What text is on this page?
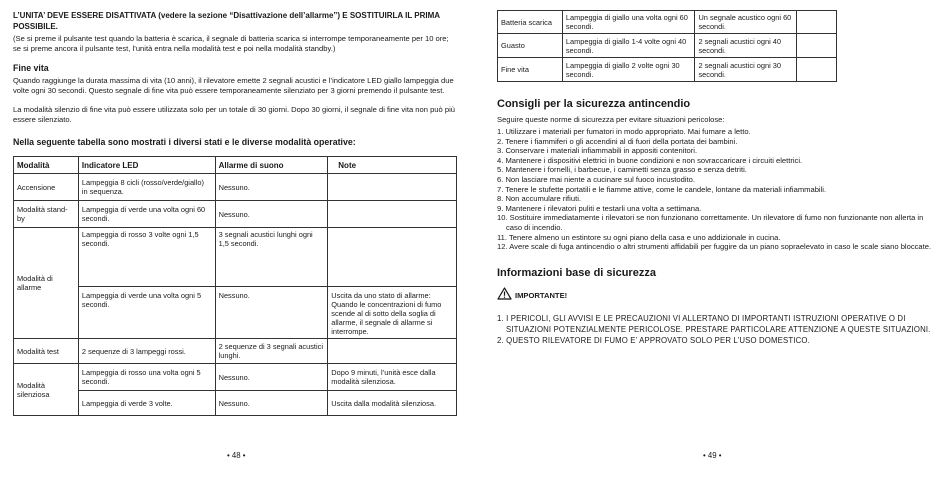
L’UNITA’ DEVE ESSERE DISATTIVATA (vedere la sezione “Disattivazione dell’allarme”) E SOSTITUIRLA IL PRIMA POSSIBILE.

(Se si preme il pulsante test quando la batteria è scarica, il segnale di batteria scarica si interrompe temporaneamente per 10 ore; se si preme ancora il pulsante test, l’unità entra nella modalità test e poi nella modalità standby.)

Fine vita

Quando raggiunge la durata massima di vita (10 anni), il rilevatore emette 2 segnali acustici e l’indicatore LED giallo lampeggia due volte ogni 30 secondi. Questo segnale di fine vita può essere temporaneamente silenziato per 3 giorni premendo il pulsante test.

La modalità silenzio di fine vita può essere utilizzata solo per un totale di 30 giorni. Dopo 30 giorni, il segnale di fine vita non può più essere silenziato.

Nella seguente tabella sono mostrati i diversi stati e le diverse modalità operative:

Modalità	Indicatore LED	Allarme di suono	Note
Accensione	Lampeggia 8 cicli (rosso/verde/giallo) in sequenza.	Nessuno.	
Modalità stand-by	Lampeggia di verde una volta ogni 60 secondi.	Nessuno.	
Modalità di allarme	Lampeggia di rosso 3 volte ogni 1,5 secondi.	3 segnali acustici lunghi ogni 1,5 secondi.	
	Lampeggia di verde una volta ogni 5 secondi.	Nessuno.	Uscita da uno stato di allarme: Quando le concentrazioni di fumo scende al di sotto della soglia di allarme, il segnale di allarme si interrompe.
Modalità test	2 sequenze di 3 lampeggi rossi.	2 sequenze di 3 segnali acustici lunghi.	
Modalità silenziosa	Lampeggia di rosso una volta ogni 5 secondi.	Nessuno.	Dopo 9 minuti, l’unità esce dalla modalità silenziosa.
	Lampeggia di verde 3 volte.	Nessuno.	Uscita dalla modalità silenziosa.
• 48 •
Batteria scarica	Lampeggia di giallo una volta ogni 60 secondi.	Un segnale acustico ogni 60 secondi.	
Guasto	Lampeggia di giallo 1-4 volte ogni 40 secondi.	2 segnali acustici ogni 40 secondi.	
Fine vita	Lampeggia di giallo 2 volte ogni 30 secondi.	2 segnali acustici ogni 30 secondi.	

Consigli per la sicurezza antincendio

Seguire queste norme di sicurezza per evitare situazioni pericolose:

1. Utilizzare i materiali per fumatori in modo appropriato. Mai fumare a letto.
2. Tenere i fiammiferi o gli accendini al di fuori della portata dei bambini.
3. Conservare i materiali infiammabili in appositi contenitori.
4. Mantenere i dispositivi elettrici in buone condizioni e non sovraccaricare i circuiti elettrici.
5. Mantenere i fornelli, i barbecue, i caminetti senza grasso e senza detriti.
6. Non lasciare mai niente a cucinare sul fuoco incustodito.
7. Tenere le stufette portatili e le fiamme attive, come le candele, lontane da materiali infiammabili.
8. Non accumulare rifiuti.
9. Mantenere i rilevatori puliti e testarli una volta a settimana.
10. Sostituire immediatamente i rilevatori se non funzionano correttamente. Un rilevatore di fumo non funzionante non allerta in caso di incendio.
11. Tenere almeno un estintore su ogni piano della casa e uno addizionale in cucina.
12. Avere scale di fuga antincendio o altri strumenti affidabili per fuggire da un piano sopraelevato in caso le scale siano bloccate.

Informazioni base di sicurezza

IMPORTANTE!
1. I PERICOLI, GLI AVVISI E LE PRECAUZIONI VI ALLERTANO DI IMPORTANTI ISTRUZIONI OPERATIVE O DI SITUAZIONI POTENZIALMENTE PERICOLOSE. PRESTARE PARTICOLARE ATTENZIONE A QUESTE SITUAZIONI.
2. QUESTO RILEVATORE DI FUMO E’ APPROVATO SOLO PER L’USO DOMESTICO.
• 49 •
